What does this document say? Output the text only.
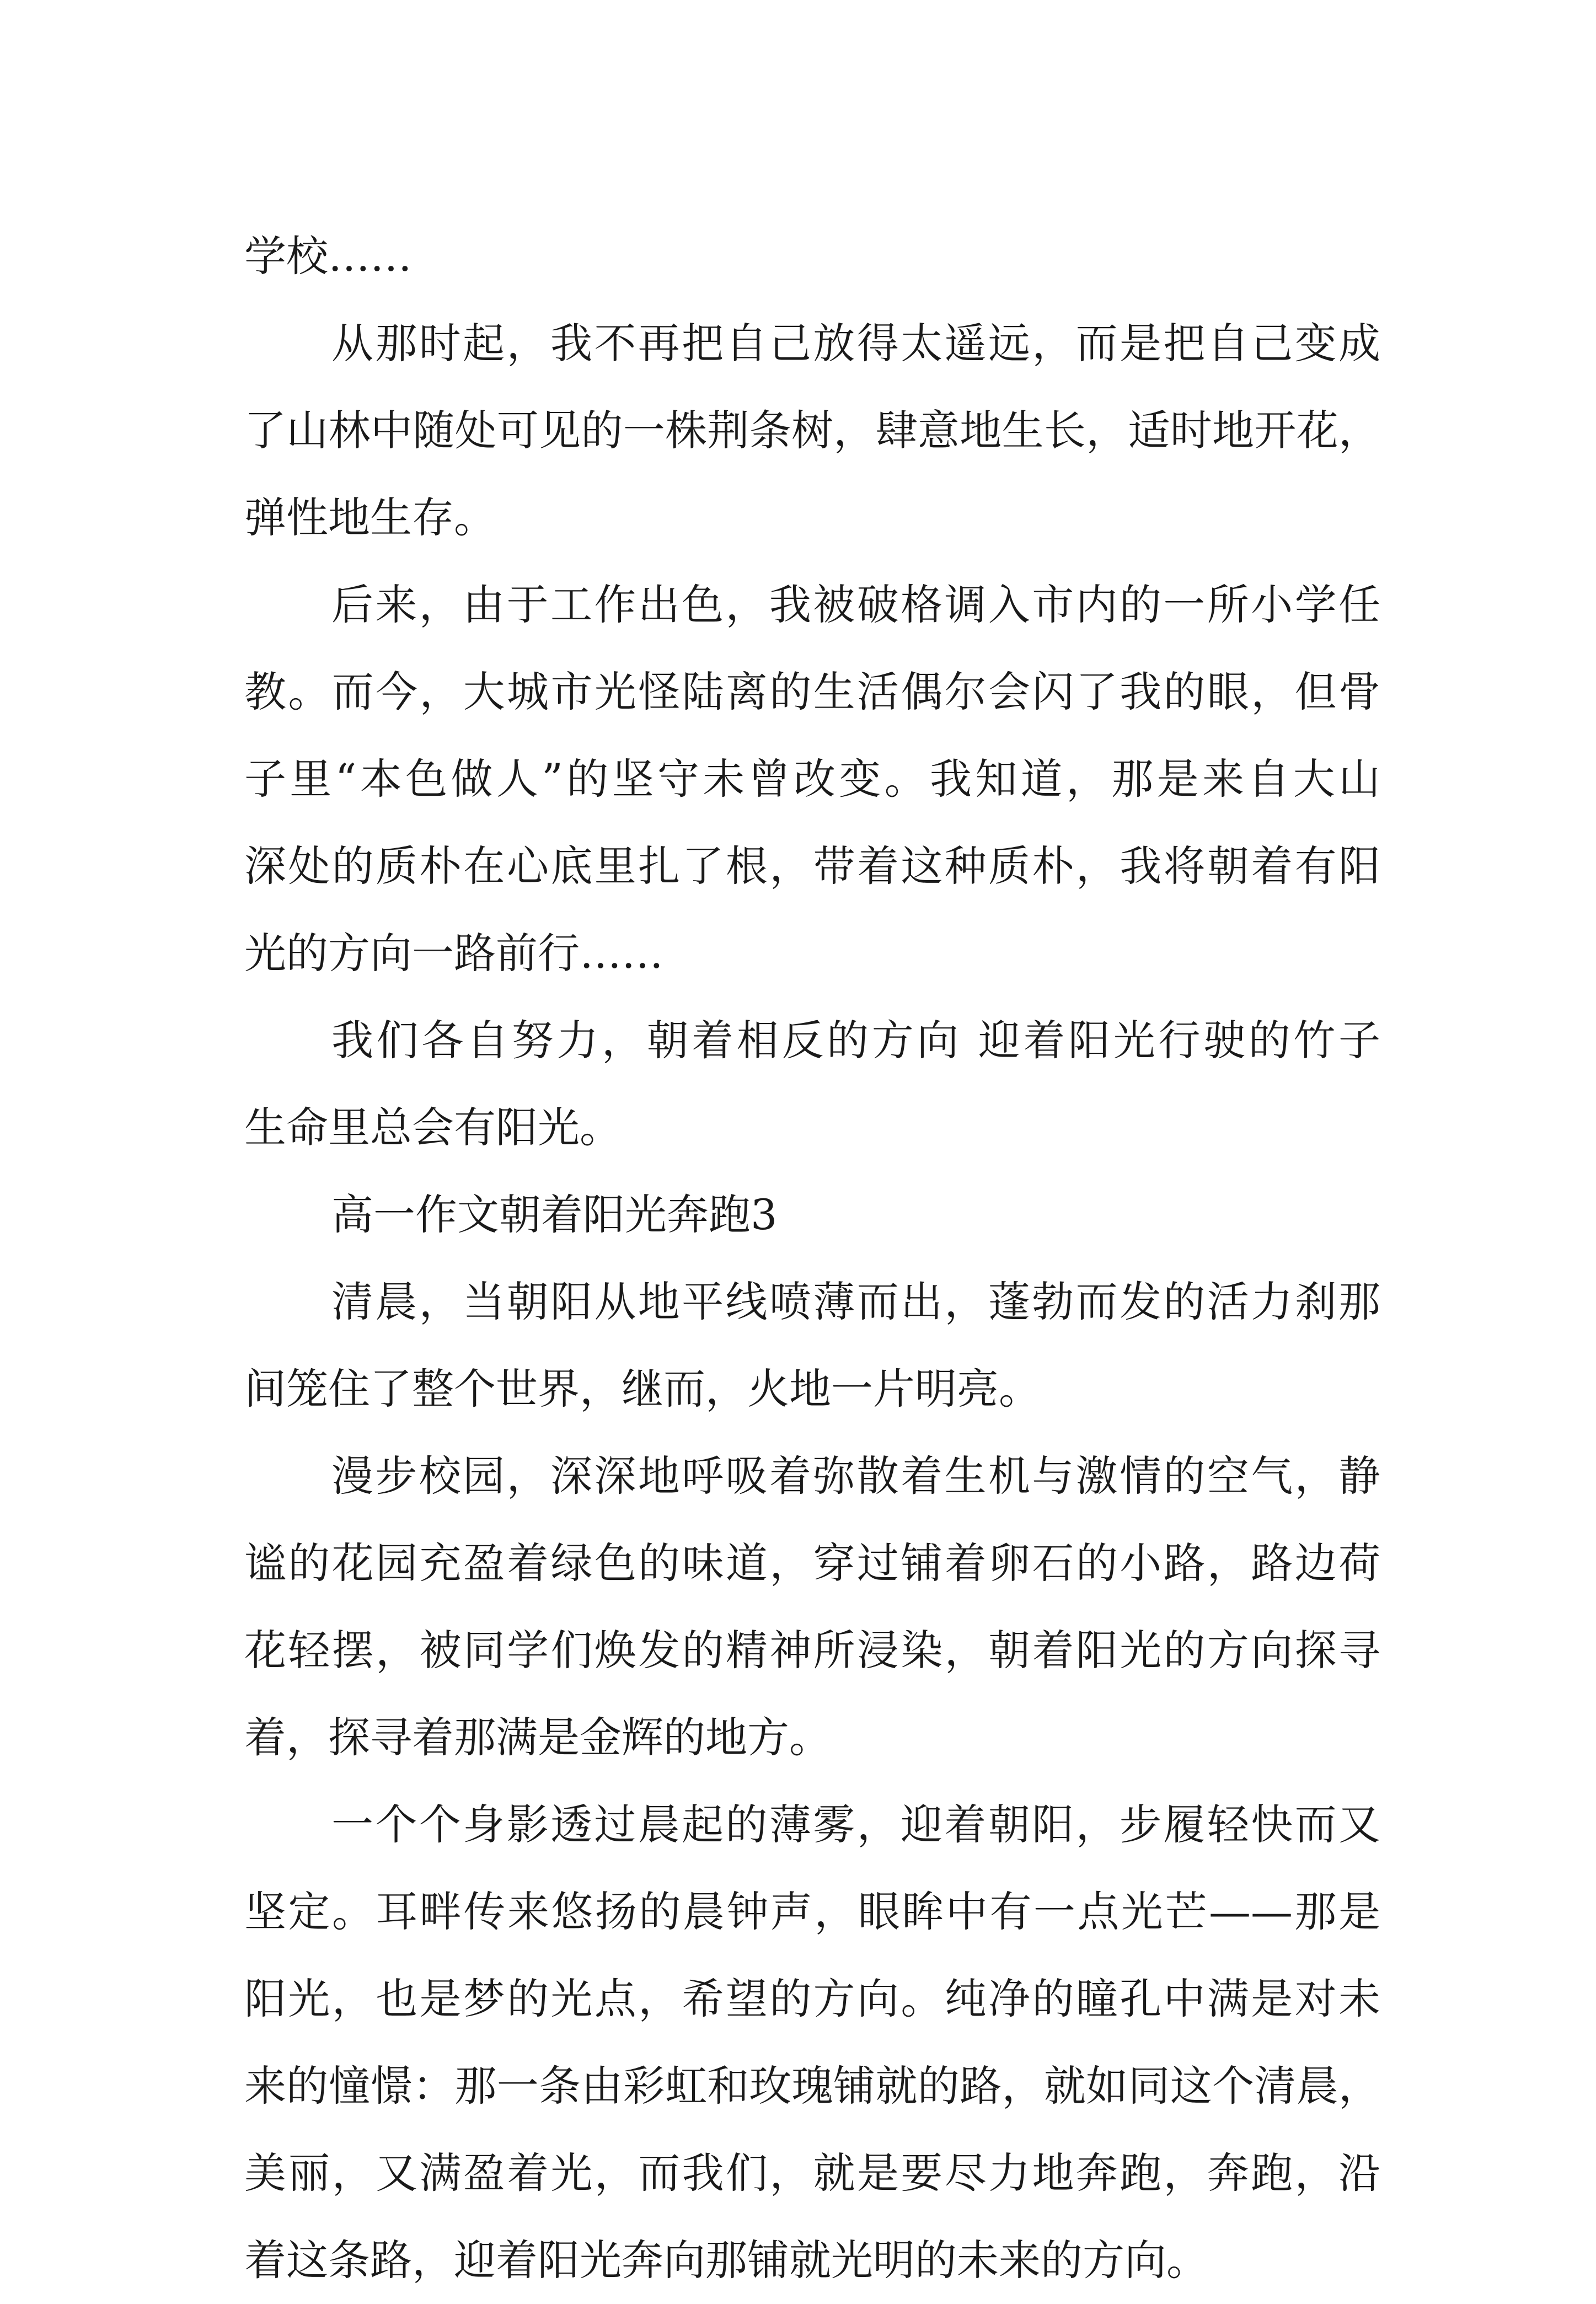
学校……

从那时起，我不再把自己放得太遥远，而是把自己变成
了山林中随处可见的一株荆条树，肆意地生长，适时地开花，
弹性地生存。

后来，由于工作出色，我被破格调入市内的一所小学任
教。而今，大城市光怪陆离的生活偶尔会闪了我的眼，但骨
子里“本色做人”的坚守未曾改变。我知道，那是来自大山
深处的质朴在心底里扎了根，带着这种质朴，我将朝着有阳
光的方向一路前行……

我们各自努力，朝着相反的方向 迎着阳光行驶的竹子
生命里总会有阳光。

高一作文朝着阳光奔跑3

清晨，当朝阳从地平线喷薄而出，蓬勃而发的活力刹那
间笼住了整个世界，继而，火地一片明亮。

漫步校园，深深地呼吸着弥散着生机与激情的空气，静
谧的花园充盈着绿色的味道，穿过铺着卵石的小路，路边荷
花轻摆，被同学们焕发的精神所浸染，朝着阳光的方向探寻
着，探寻着那满是金辉的地方。

一个个身影透过晨起的薄雾，迎着朝阳，步履轻快而又
坚定。耳畔传来悠扬的晨钟声，眼眸中有一点光芒——那是
阳光，也是梦的光点，希望的方向。纯净的瞳孔中满是对未
来的憧憬：那一条由彩虹和玫瑰铺就的路，就如同这个清晨，
美丽，又满盈着光，而我们，就是要尽力地奔跑，奔跑，沿
着这条路，迎着阳光奔向那铺就光明的未来的方向。
